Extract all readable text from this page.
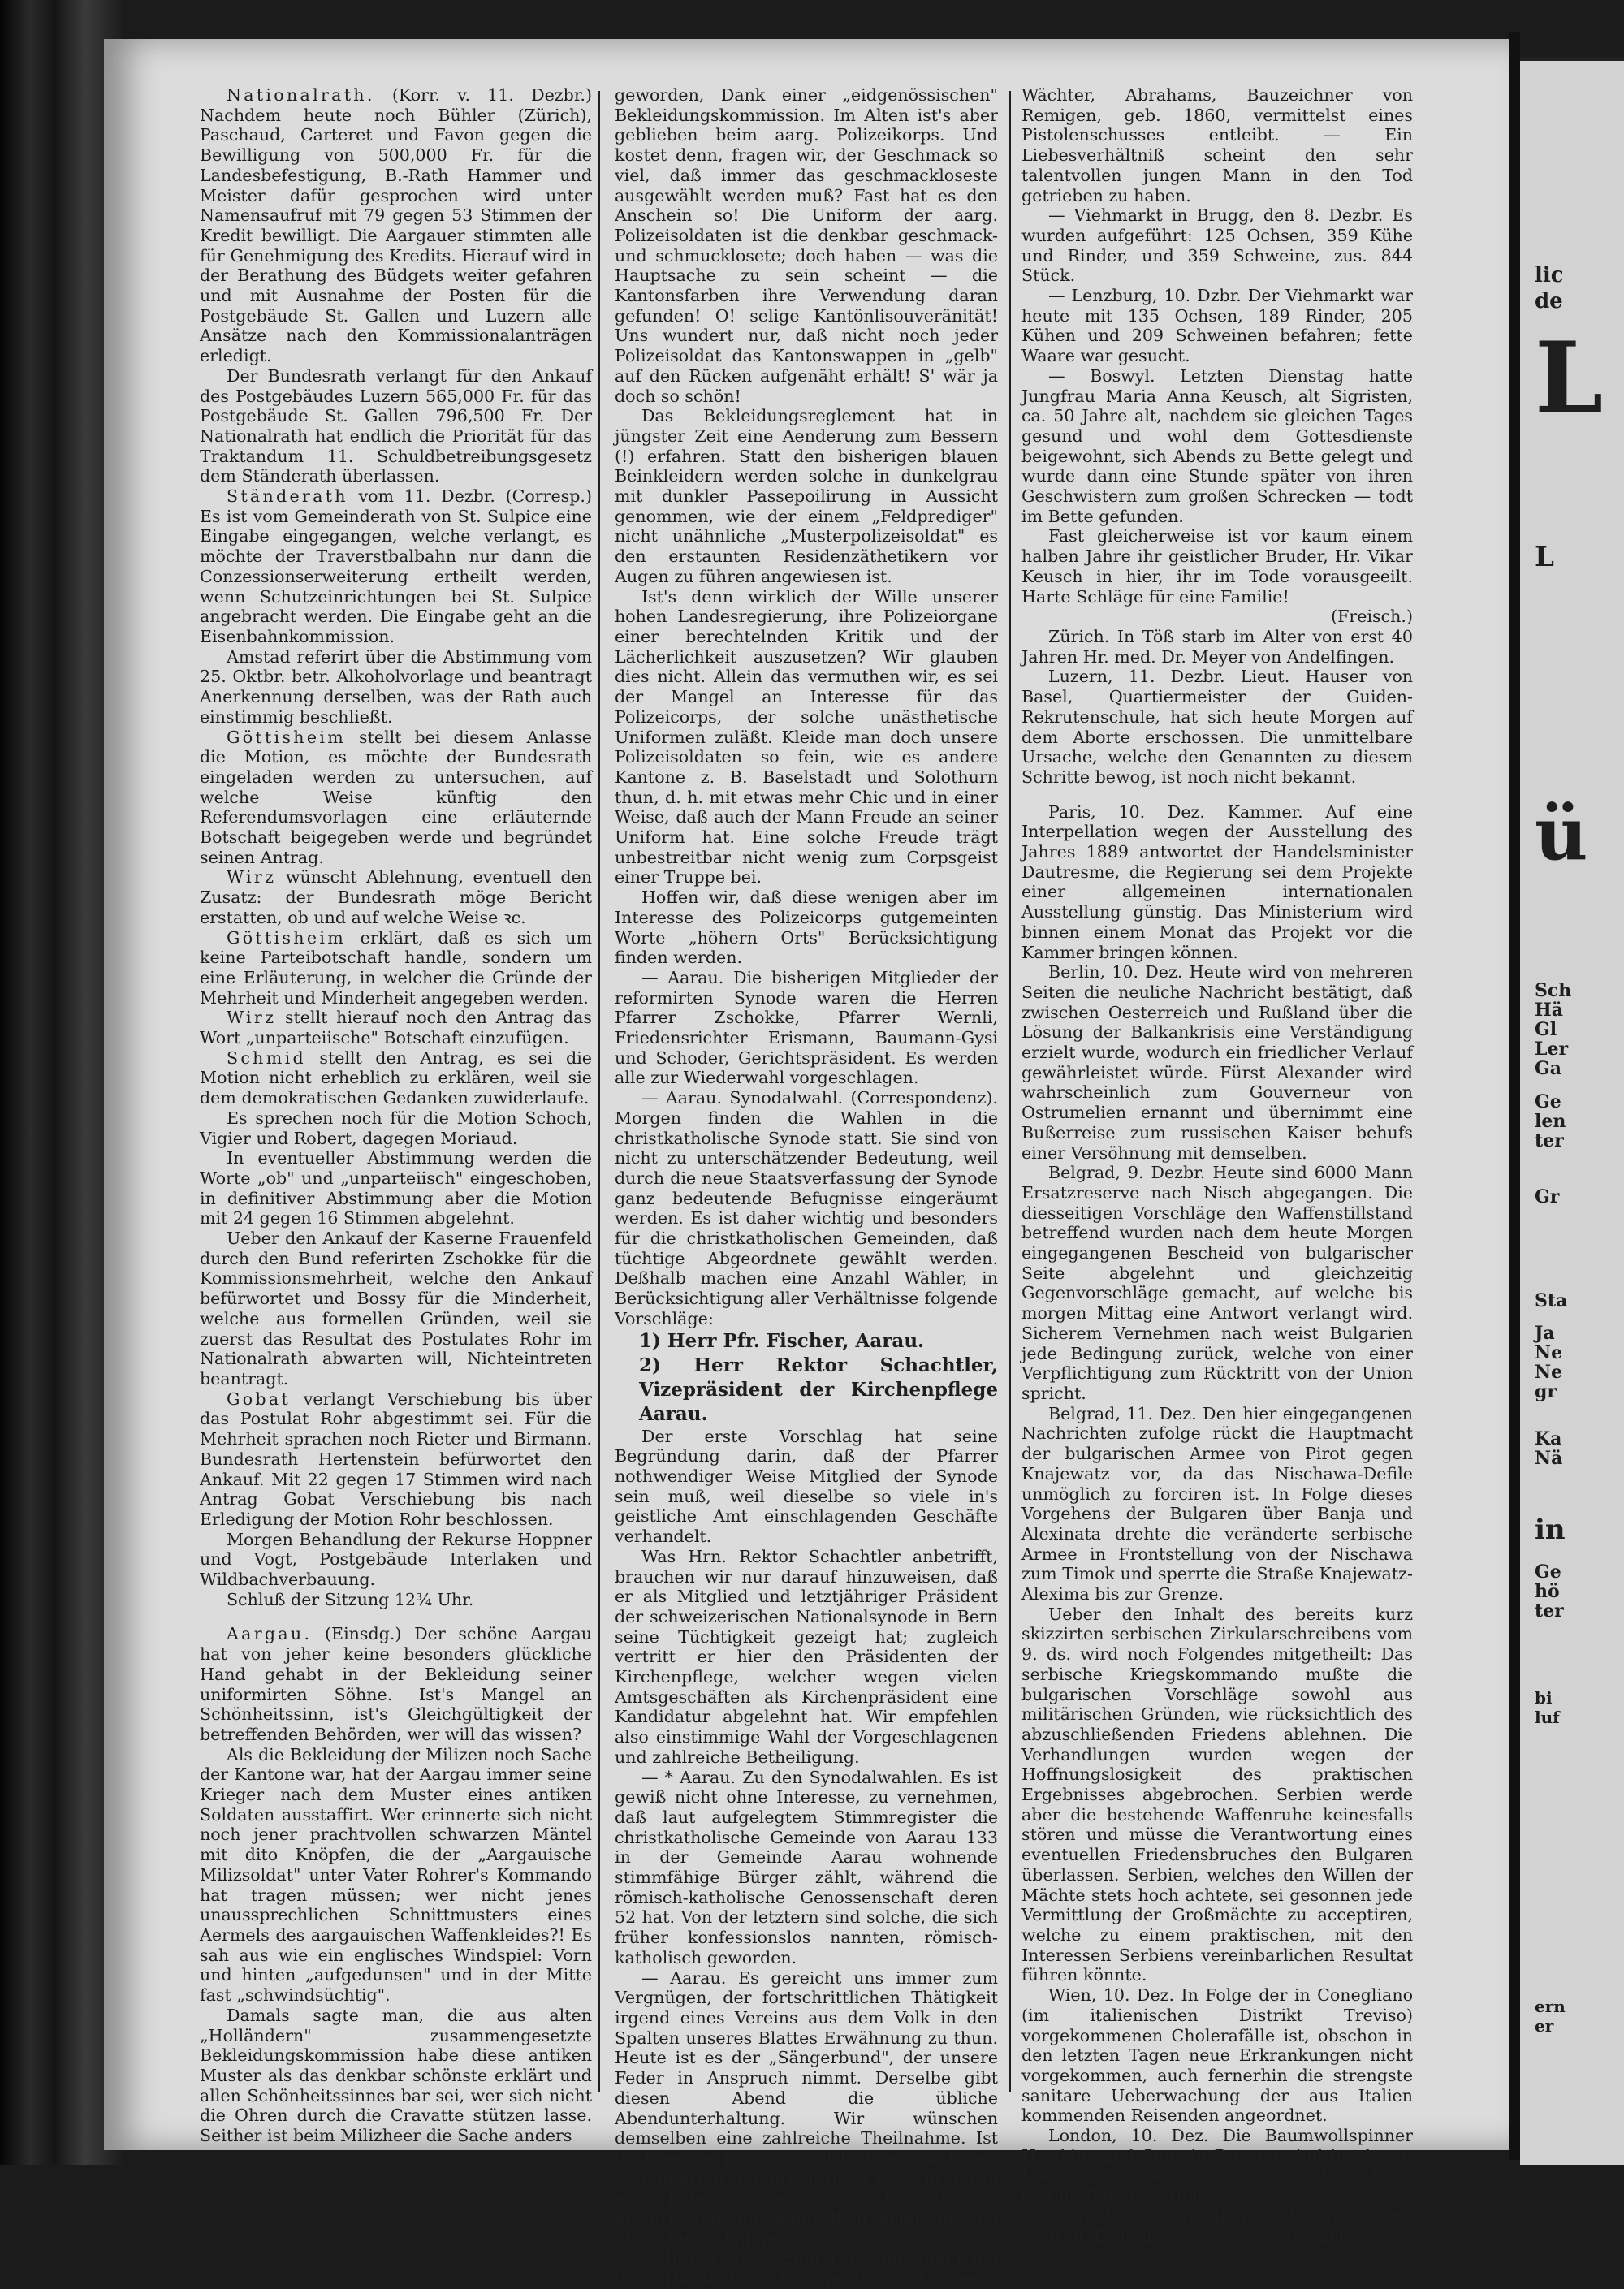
Nationalrath. (Korr. v. 11. Dezbr.) Nachdem heute noch Bühler (Zürich), Paschaud, Carteret und Favon gegen die Bewilligung von 500,000 Fr. für die Landesbefestigung, B.-Rath Hammer und Meister dafür gesprochen wird unter Namensaufruf mit 79 gegen 53 Stimmen der Kredit bewilligt. Die Aargauer stimmten alle für Genehmigung des Kredits. Hierauf wird in der Berathung des Büdgets weiter gefahren und mit Ausnahme der Posten für die Postgebäude St. Gallen und Luzern alle Ansätze nach den Kommissionalanträgen erledigt.

Der Bundesrath verlangt für den Ankauf des Postgebäudes Luzern 565,000 Fr. für das Postgebäude St. Gallen 796,500 Fr. Der Nationalrath hat endlich die Priorität für das Traktandum 11. Schuldbetreibungsgesetz dem Ständerath überlassen.

Ständerath vom 11. Dezbr. (Corresp.) Es ist vom Gemeinderath von St. Sulpice eine Eingabe eingegangen, welche verlangt, es möchte der Traverstbalbahn nur dann die Conzessionserweiterung ertheilt werden, wenn Schutzeinrichtungen bei St. Sulpice angebracht werden. Die Eingabe geht an die Eisenbahnkommission.

Amstad referirt über die Abstimmung vom 25. Oktbr. betr. Alkoholvorlage und beantragt Anerkennung derselben, was der Rath auch einstimmig beschließt.

Göttisheim stellt bei diesem Anlasse die Motion, es möchte der Bundesrath eingeladen werden zu untersuchen, auf welche Weise künftig den Referendumsvorlagen eine erläuternde Botschaft beigegeben werde und begründet seinen Antrag.

Wirz wünscht Ablehnung, eventuell den Zusatz: der Bundesrath möge Bericht erstatten, ob und auf welche Weise ꝛc.

Göttisheim erklärt, daß es sich um keine Parteibotschaft handle, sondern um eine Erläuterung, in welcher die Gründe der Mehrheit und Minderheit angegeben werden.

Wirz stellt hierauf noch den Antrag das Wort „unparteiische" Botschaft einzufügen.

Schmid stellt den Antrag, es sei die Motion nicht erheblich zu erklären, weil sie dem demokratischen Gedanken zuwiderlaufe.

Es sprechen noch für die Motion Schoch, Vigier und Robert, dagegen Moriaud.

In eventueller Abstimmung werden die Worte „ob" und „unparteiisch" eingeschoben, in definitiver Abstimmung aber die Motion mit 24 gegen 16 Stimmen abgelehnt.

Ueber den Ankauf der Kaserne Frauenfeld durch den Bund referirten Zschokke für die Kommissionsmehrheit, welche den Ankauf befürwortet und Bossy für die Minderheit, welche aus formellen Gründen, weil sie zuerst das Resultat des Postulates Rohr im Nationalrath abwarten will, Nichteintreten beantragt.

Gobat verlangt Verschiebung bis über das Postulat Rohr abgestimmt sei. Für die Mehrheit sprachen noch Rieter und Birmann. Bundesrath Hertenstein befürwortet den Ankauf. Mit 22 gegen 17 Stimmen wird nach Antrag Gobat Verschiebung bis nach Erledigung der Motion Rohr beschlossen.

Morgen Behandlung der Rekurse Hoppner und Vogt, Postgebäude Interlaken und Wildbachverbauung.

Schluß der Sitzung 12¾ Uhr.

Aargau. (Einsdg.) Der schöne Aargau hat von jeher keine besonders glückliche Hand gehabt in der Bekleidung seiner uniformirten Söhne. Ist's Mangel an Schönheitssinn, ist's Gleichgültigkeit der betreffenden Behörden, wer will das wissen?

Als die Bekleidung der Milizen noch Sache der Kantone war, hat der Aargau immer seine Krieger nach dem Muster eines antiken Soldaten ausstaffirt. Wer erinnerte sich nicht noch jener prachtvollen schwarzen Mäntel mit dito Knöpfen, die der „Aargauische Milizsoldat" unter Vater Rohrer's Kommando hat tragen müssen; wer nicht jenes unaussprechlichen Schnittmusters eines Aermels des aargauischen Waffenkleides?! Es sah aus wie ein englisches Windspiel: Vorn und hinten „aufgedunsen" und in der Mitte fast „schwindsüchtig".

Damals sagte man, die aus alten „Holländern" zusammengesetzte Bekleidungskommission habe diese antiken Muster als das denkbar schönste erklärt und allen Schönheitssinnes bar sei, wer sich nicht die Ohren durch die Cravatte stützen lasse. Seither ist beim Milizheer die Sache anders

geworden, Dank einer „eidgenössischen" Bekleidungskommission. Im Alten ist's aber geblieben beim aarg. Polizeikorps. Und kostet denn, fragen wir, der Geschmack so viel, daß immer das geschmackloseste ausgewählt werden muß? Fast hat es den Anschein so! Die Uniform der aarg. Polizeisoldaten ist die denkbar geschmack- und schmucklosete; doch haben — was die Hauptsache zu sein scheint — die Kantonsfarben ihre Verwendung daran gefunden! O! selige Kantönlisouveränität! Uns wundert nur, daß nicht noch jeder Polizeisoldat das Kantonswappen in „gelb" auf den Rücken aufgenäht erhält! S' wär ja doch so schön!

Das Bekleidungsreglement hat in jüngster Zeit eine Aenderung zum Bessern (!) erfahren. Statt den bisherigen blauen Beinkleidern werden solche in dunkelgrau mit dunkler Passepoilirung in Aussicht genommen, wie der einem „Feldprediger" nicht unähnliche „Musterpolizeisoldat" es den erstaunten Residenzäthetikern vor Augen zu führen angewiesen ist.

Ist's denn wirklich der Wille unserer hohen Landesregierung, ihre Polizeiorgane einer berechtelnden Kritik und der Lächerlichkeit auszusetzen? Wir glauben dies nicht. Allein das vermuthen wir, es sei der Mangel an Interesse für das Polizeicorps, der solche unästhetische Uniformen zuläßt. Kleide man doch unsere Polizeisoldaten so fein, wie es andere Kantone z. B. Baselstadt und Solothurn thun, d. h. mit etwas mehr Chic und in einer Weise, daß auch der Mann Freude an seiner Uniform hat. Eine solche Freude trägt unbestreitbar nicht wenig zum Corpsgeist einer Truppe bei.

Hoffen wir, daß diese wenigen aber im Interesse des Polizeicorps gutgemeinten Worte „höhern Orts" Berücksichtigung finden werden.

— Aarau. Die bisherigen Mitglieder der reformirten Synode waren die Herren Pfarrer Zschokke, Pfarrer Wernli, Friedensrichter Erismann, Baumann-Gysi und Schoder, Gerichtspräsident. Es werden alle zur Wiederwahl vorgeschlagen.

— Aarau. Synodalwahl. (Correspondenz). Morgen finden die Wahlen in die christkatholische Synode statt. Sie sind von nicht zu unterschätzender Bedeutung, weil durch die neue Staatsverfassung der Synode ganz bedeutende Befugnisse eingeräumt werden. Es ist daher wichtig und besonders für die christkatholischen Gemeinden, daß tüchtige Abgeordnete gewählt werden. Deßhalb machen eine Anzahl Wähler, in Berücksichtigung aller Verhältnisse folgende Vorschläge:

1) Herr Pfr. Fischer, Aarau.

2) Herr Rektor Schachtler, Vizepräsident der Kirchenpflege Aarau.

Der erste Vorschlag hat seine Begründung darin, daß der Pfarrer nothwendiger Weise Mitglied der Synode sein muß, weil dieselbe so viele in's geistliche Amt einschlagenden Geschäfte verhandelt.

Was Hrn. Rektor Schachtler anbetrifft, brauchen wir nur darauf hinzuweisen, daß er als Mitglied und letztjähriger Präsident der schweizerischen Nationalsynode in Bern seine Tüchtigkeit gezeigt hat; zugleich vertritt er hier den Präsidenten der Kirchenpflege, welcher wegen vielen Amtsgeschäften als Kirchenpräsident eine Kandidatur abgelehnt hat. Wir empfehlen also einstimmige Wahl der Vorgeschlagenen und zahlreiche Betheiligung.

— * Aarau. Zu den Synodalwahlen. Es ist gewiß nicht ohne Interesse, zu vernehmen, daß laut aufgelegtem Stimmregister die christkatholische Gemeinde von Aarau 133 in der Gemeinde Aarau wohnende stimmfähige Bürger zählt, während die römisch-katholische Genossenschaft deren 52 hat. Von der letztern sind solche, die sich früher konfessionslos nannten, römisch-katholisch geworden.

— Aarau. Es gereicht uns immer zum Vergnügen, der fortschrittlichen Thätigkeit irgend eines Vereins aus dem Volk in den Spalten unseres Blattes Erwähnung zu thun. Heute ist es der „Sängerbund", der unsere Feder in Anspruch nimmt. Derselbe gibt diesen Abend die übliche Abendunterhaltung. Wir wünschen demselben eine zahlreiche Theilnahme. Ist doch — wie man uns mittheilt — durch den verlängerten Aufenthalt des Cirkus in Aarau es Jedem möglich, sich darnach einzurichten, um demselben einen Besuch abstatten zu können.

— In der Nacht zum 4. ds. hat sich nach dem „Hausfrd." im Brugger Wald Johannes

Wächter, Abrahams, Bauzeichner von Remigen, geb. 1860, vermittelst eines Pistolenschusses entleibt. — Ein Liebesverhältniß scheint den sehr talentvollen jungen Mann in den Tod getrieben zu haben.

— Viehmarkt in Brugg, den 8. Dezbr. Es wurden aufgeführt: 125 Ochsen, 359 Kühe und Rinder, und 359 Schweine, zus. 844 Stück.

— Lenzburg, 10. Dzbr. Der Viehmarkt war heute mit 135 Ochsen, 189 Rinder, 205 Kühen und 209 Schweinen befahren; fette Waare war gesucht.

— Boswyl. Letzten Dienstag hatte Jungfrau Maria Anna Keusch, alt Sigristen, ca. 50 Jahre alt, nachdem sie gleichen Tages gesund und wohl dem Gottesdienste beigewohnt, sich Abends zu Bette gelegt und wurde dann eine Stunde später von ihren Geschwistern zum großen Schrecken — todt im Bette gefunden.

Fast gleicherweise ist vor kaum einem halben Jahre ihr geistlicher Bruder, Hr. Vikar Keusch in hier, ihr im Tode vorausgeeilt. Harte Schläge für eine Familie!

(Freisch.)

Zürich. In Töß starb im Alter von erst 40 Jahren Hr. med. Dr. Meyer von Andelfingen.

Luzern, 11. Dezbr. Lieut. Hauser von Basel, Quartiermeister der Guiden-Rekrutenschule, hat sich heute Morgen auf dem Aborte erschossen. Die unmittelbare Ursache, welche den Genannten zu diesem Schritte bewog, ist noch nicht bekannt.

Paris, 10. Dez. Kammer. Auf eine Interpellation wegen der Ausstellung des Jahres 1889 antwortet der Handelsminister Dautresme, die Regierung sei dem Projekte einer allgemeinen internationalen Ausstellung günstig. Das Ministerium wird binnen einem Monat das Projekt vor die Kammer bringen können.

Berlin, 10. Dez. Heute wird von mehreren Seiten die neuliche Nachricht bestätigt, daß zwischen Oesterreich und Rußland über die Lösung der Balkankrisis eine Verständigung erzielt wurde, wodurch ein friedlicher Verlauf gewährleistet würde. Fürst Alexander wird wahrscheinlich zum Gouverneur von Ostrumelien ernannt und übernimmt eine Bußerreise zum russischen Kaiser behufs einer Versöhnung mit demselben.

Belgrad, 9. Dezbr. Heute sind 6000 Mann Ersatzreserve nach Nisch abgegangen. Die diesseitigen Vorschläge den Waffenstillstand betreffend wurden nach dem heute Morgen eingegangenen Bescheid von bulgarischer Seite abgelehnt und gleichzeitig Gegenvorschläge gemacht, auf welche bis morgen Mittag eine Antwort verlangt wird. Sicherem Vernehmen nach weist Bulgarien jede Bedingung zurück, welche von einer Verpflichtigung zum Rücktritt von der Union spricht.

Belgrad, 11. Dez. Den hier eingegangenen Nachrichten zufolge rückt die Hauptmacht der bulgarischen Armee von Pirot gegen Knajewatz vor, da das Nischawa-Defile unmöglich zu forciren ist. In Folge dieses Vorgehens der Bulgaren über Banja und Alexinata drehte die veränderte serbische Armee in Frontstellung von der Nischawa zum Timok und sperrte die Straße Knajewatz-Alexima bis zur Grenze.

Ueber den Inhalt des bereits kurz skizzirten serbischen Zirkularschreibens vom 9. ds. wird noch Folgendes mitgetheilt: Das serbische Kriegskommando mußte die bulgarischen Vorschläge sowohl aus militärischen Gründen, wie rücksichtlich des abzuschließenden Friedens ablehnen. Die Verhandlungen wurden wegen der Hoffnungslosigkeit des praktischen Ergebnisses abgebrochen. Serbien werde aber die bestehende Waffenruhe keinesfalls stören und müsse die Verantwortung eines eventuellen Friedensbruches den Bulgaren überlassen. Serbien, welches den Willen der Mächte stets hoch achtete, sei gesonnen jede Vermittlung der Großmächte zu acceptiren, welche zu einem praktischen, mit den Interessen Serbiens vereinbarlichen Resultat führen könnte.

Wien, 10. Dez. In Folge der in Conegliano (im italienischen Distrikt Treviso) vorgekommenen Cholerafälle ist, obschon in den letzten Tagen neue Erkrankungen nicht vorgekommen, auch fernerhin die strengste sanitare Ueberwachung der aus Italien kommenden Reisenden angeordnet.

London, 10. Dez. Die Baumwollspinner Hawkins and Sons in Preston sind insolvent. Die Passiva betragen 78,000, die Aktiva 61,000 Pfund Sterling.

Gewählt sind 332 Liberale, 250 Tories und 86 Iren. Es fehlen nur noch zwei Wahlen.

lic
de
L
L
ü
Sch
Hä
Gl
Ler
Ga
Ge
len
ter
Gr
Sta
Ja
Ne
Ne
gr
Ka
Nä
in
Ge
hö
ter
bi
luf
ern
er
